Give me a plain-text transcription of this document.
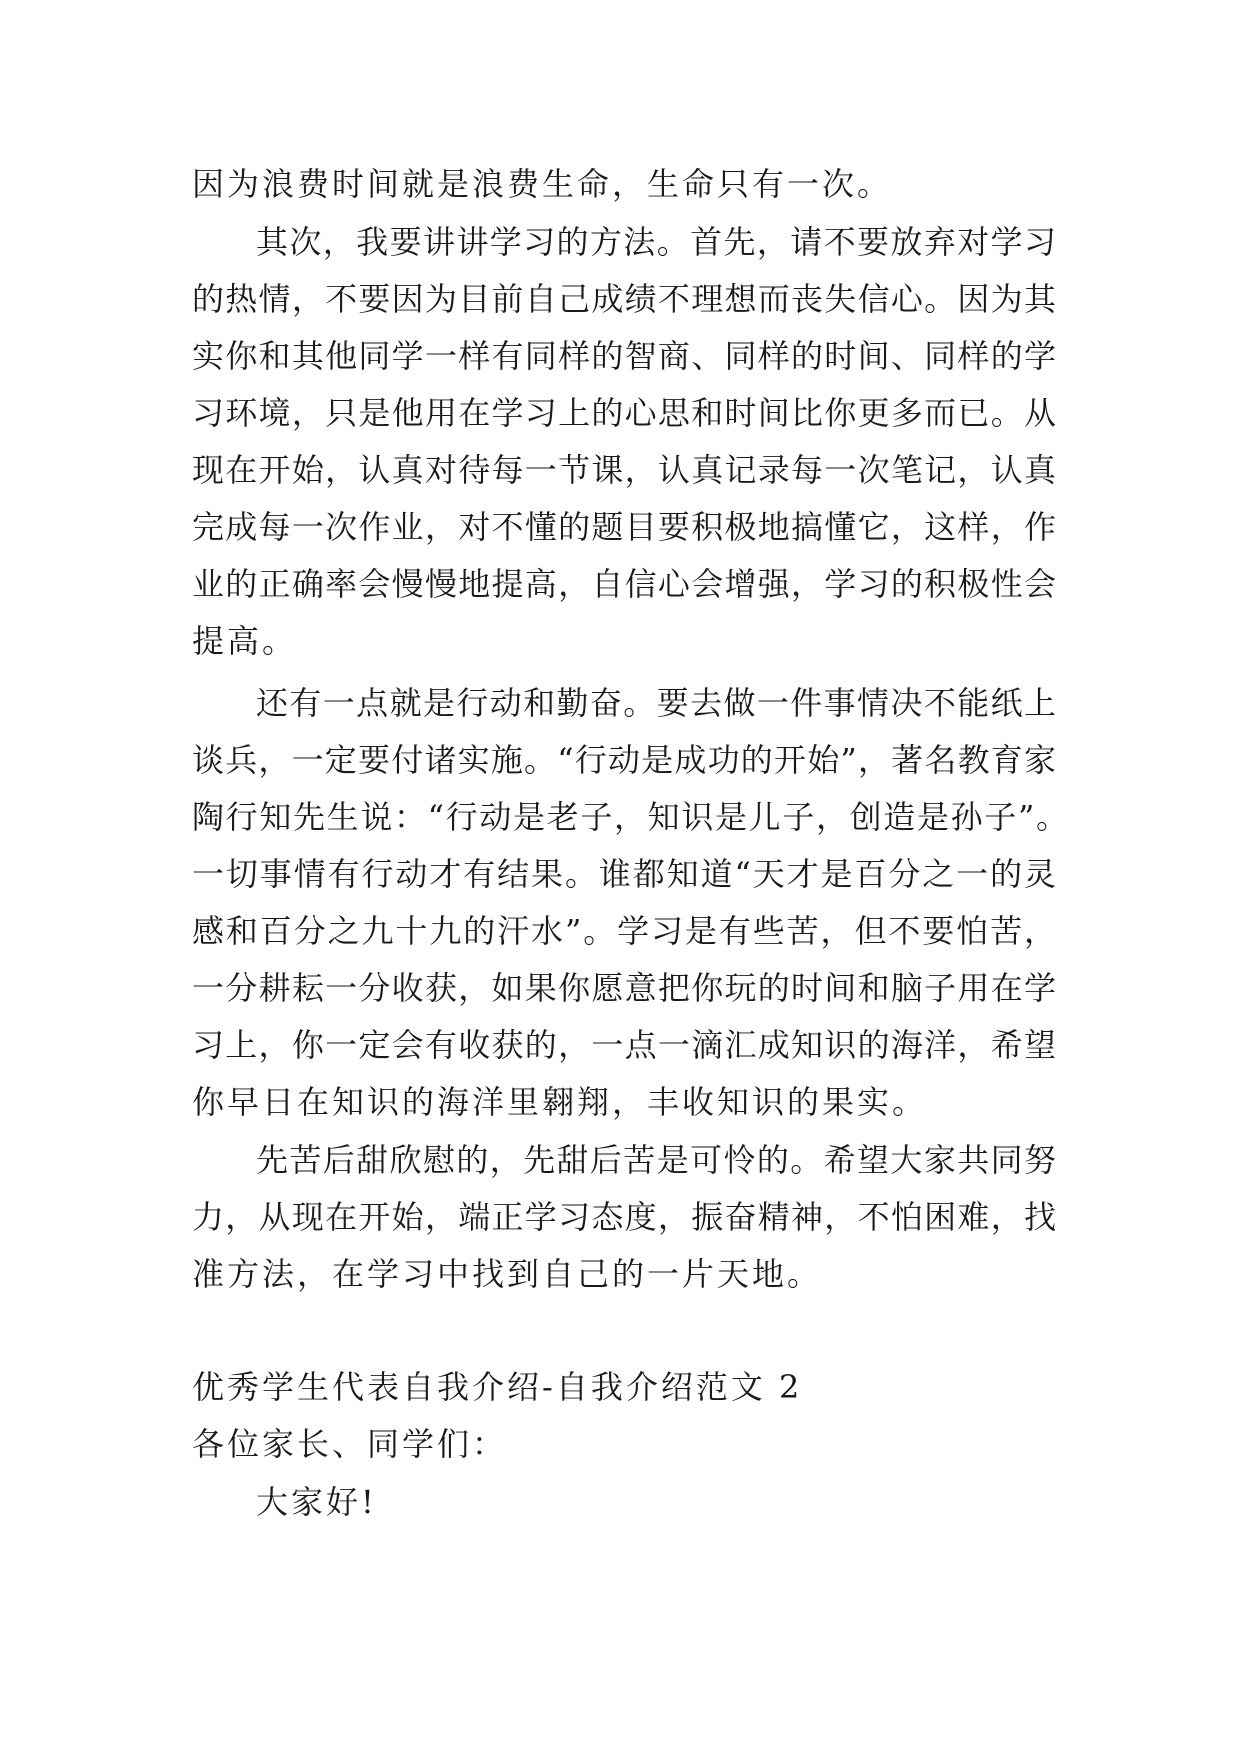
因为浪费时间就是浪费生命，生命只有一次。
其次，我要讲讲学习的方法。首先，请不要放弃对学习
的热情，不要因为目前自己成绩不理想而丧失信心。因为其
实你和其他同学一样有同样的智商、同样的时间、同样的学
习环境，只是他用在学习上的心思和时间比你更多而已。从
现在开始，认真对待每一节课，认真记录每一次笔记，认真
完成每一次作业，对不懂的题目要积极地搞懂它，这样，作
业的正确率会慢慢地提高，自信心会增强，学习的积极性会
提高。
还有一点就是行动和勤奋。要去做一件事情决不能纸上
谈兵，一定要付诸实施。“行动是成功的开始”，著名教育家
陶行知先生说：“行动是老子，知识是儿子，创造是孙子”。
一切事情有行动才有结果。谁都知道“天才是百分之一的灵
感和百分之九十九的汗水”。学习是有些苦，但不要怕苦，
一分耕耘一分收获，如果你愿意把你玩的时间和脑子用在学
习上，你一定会有收获的，一点一滴汇成知识的海洋，希望
你早日在知识的海洋里翱翔，丰收知识的果实。
先苦后甜欣慰的，先甜后苦是可怜的。希望大家共同努
力，从现在开始，端正学习态度，振奋精神，不怕困难，找
准方法，在学习中找到自己的一片天地。
优秀学生代表自我介绍-自我介绍范文 2
各位家长、同学们：
大家好!
